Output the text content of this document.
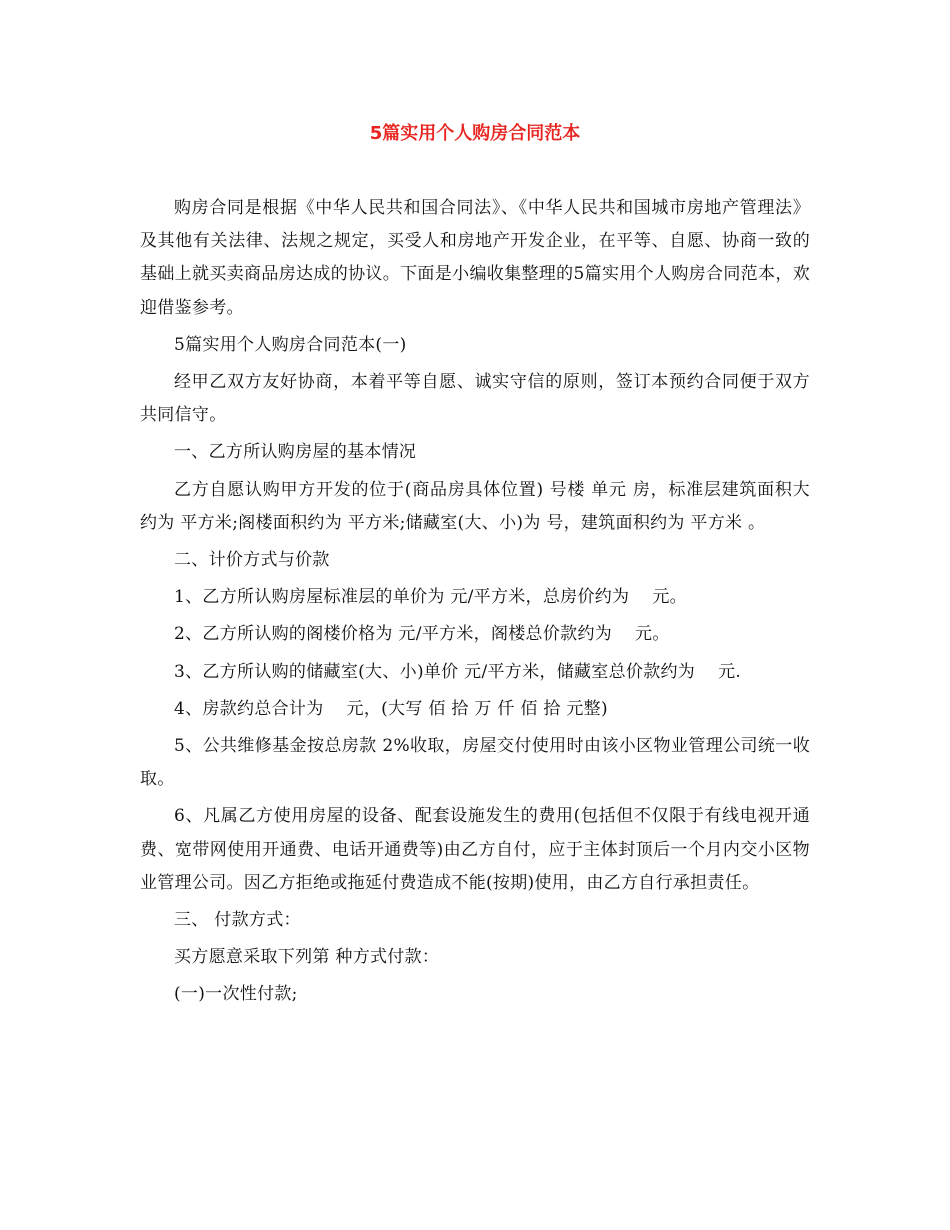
5篇实用个人购房合同范本

购房合同是根据《中华人民共和国合同法》、《中华人民共和国城市房地产管理法》及其他有关法律、法规之规定，买受人和房地产开发企业，在平等、自愿、协商一致的基础上就买卖商品房达成的协议。下面是小编收集整理的5篇实用个人购房合同范本，欢迎借鉴参考。

5篇实用个人购房合同范本(一)

经甲乙双方友好协商，本着平等自愿、诚实守信的原则，签订本预约合同便于双方共同信守。

一、乙方所认购房屋的基本情况

乙方自愿认购甲方开发的位于(商品房具体位置) 号楼 单元 房，标准层建筑面积大约为 平方米;阁楼面积约为 平方米;储藏室(大、小)为 号，建筑面积约为 平方米 。

二、计价方式与价款

1、乙方所认购房屋标准层的单价为 元/平方米，总房价约为　 元。

2、乙方所认购的阁楼价格为 元/平方米，阁楼总价款约为　 元。

3、乙方所认购的储藏室(大、小)单价 元/平方米，储藏室总价款约为　 元.

4、房款约总合计为　 元，(大写 佰 拾 万 仟 佰 拾 元整)

5、公共维修基金按总房款 2%收取，房屋交付使用时由该小区物业管理公司统一收取。

6、凡属乙方使用房屋的设备、配套设施发生的费用(包括但不仅限于有线电视开通费、宽带网使用开通费、电话开通费等)由乙方自付，应于主体封顶后一个月内交小区物业管理公司。因乙方拒绝或拖延付费造成不能(按期)使用，由乙方自行承担责任。

三、 付款方式：

买方愿意采取下列第 种方式付款：

(一)一次性付款;
